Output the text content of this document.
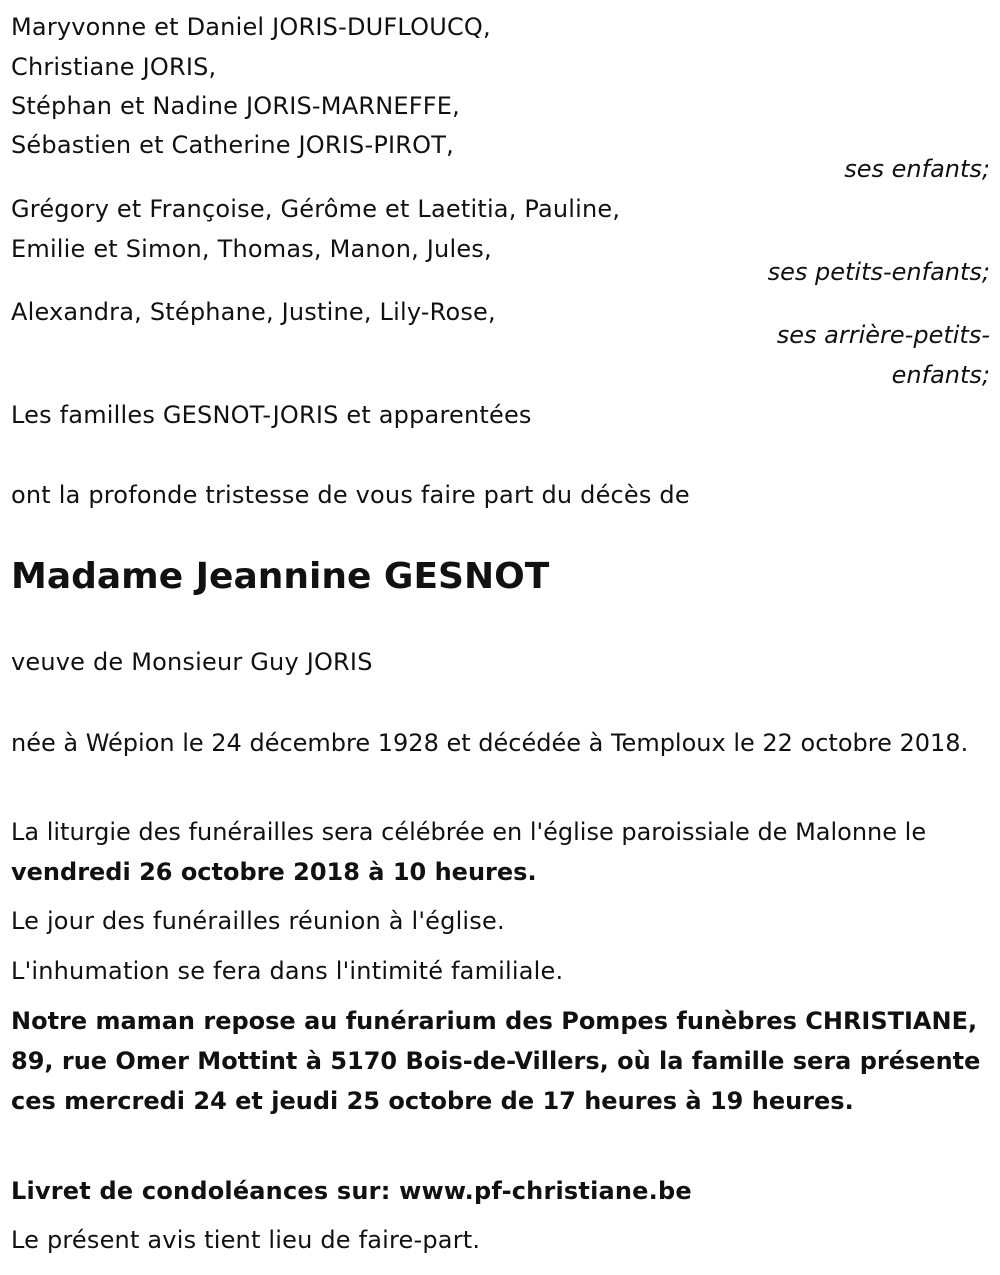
Maryvonne et Daniel JORIS-DUFLOUCQ,

Christiane JORIS,

Stéphan et Nadine JORIS-MARNEFFE,

Sébastien et Catherine JORIS-PIROT,

ses enfants;

Grégory et Françoise, Gérôme et Laetitia, Pauline,

Emilie et Simon, Thomas, Manon, Jules,

ses petits-enfants;

Alexandra, Stéphane, Justine, Lily-Rose,

ses arrière-petits-

enfants;

Les familles GESNOT-JORIS et apparentées

ont la profonde tristesse de vous faire part du décès de

Madame Jeannine GESNOT

veuve de Monsieur Guy JORIS

née à Wépion le 24 décembre 1928 et décédée à Temploux le 22 octobre 2018.

La liturgie des funérailles sera célébrée en l'église paroissiale de Malonne le vendredi 26 octobre 2018 à 10 heures.

Le jour des funérailles réunion à l'église.

L'inhumation se fera dans l'intimité familiale.

Notre maman repose au funérarium des Pompes funèbres CHRISTIANE, 89, rue Omer Mottint à 5170 Bois-de-Villers, où la famille sera présente ces mercredi 24 et jeudi 25 octobre de 17 heures à 19 heures.

Livret de condoléances sur: www.pf-christiane.be

Le présent avis tient lieu de faire-part.
